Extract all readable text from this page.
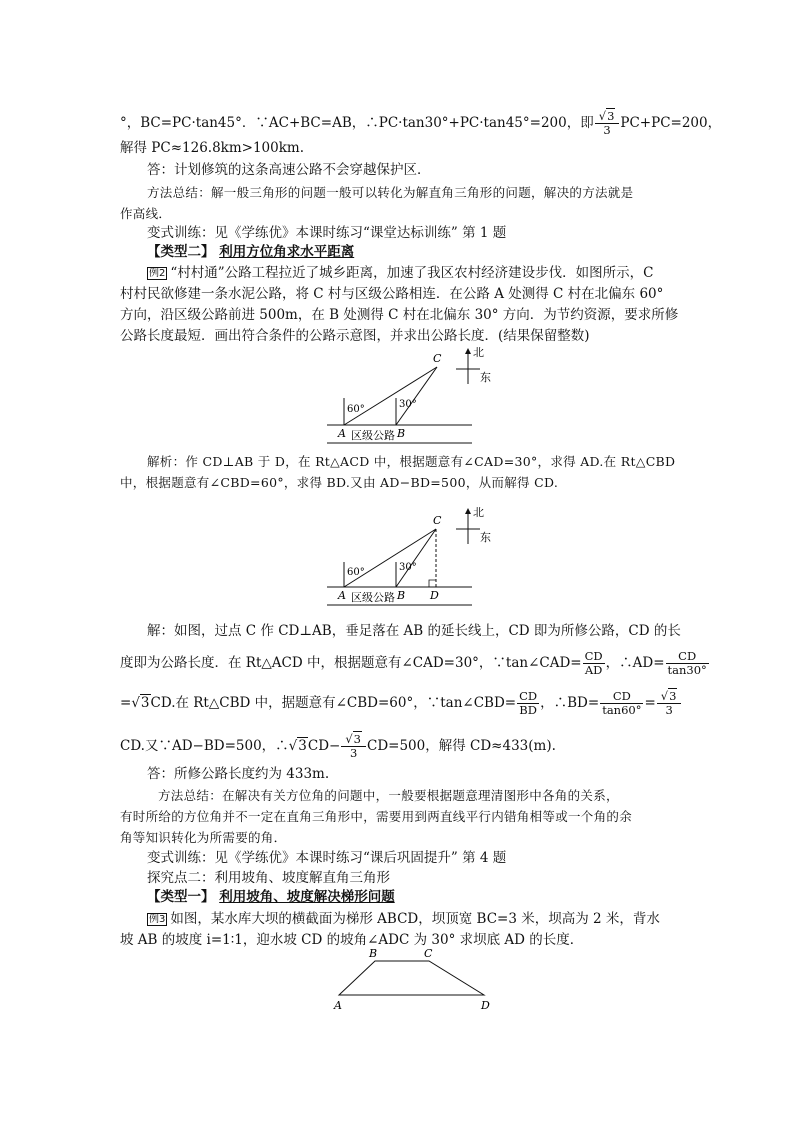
°，BC=PC·tan45°．∵AC+BC=AB，∴PC·tan30°+PC·tan45°=200，即 $\frac{√3}{3} PC+PC=200$，
解得 PC≈126.8km>100km.
答：计划修筑的这条高速公路不会穿越保护区．
方法总结：解一般三角形的问题一般可以转化为解直角三角形的问题，解决的方法就是
作高线．
变式训练：见《学练优》本课时练习“课堂达标训练” 第 1 题
【类型二】 利用方位角求水平距离
例2 “村村通”公路工程拉近了城乡距离，加速了我区农村经济建设步伐．如图所示，C
村村民欲修建一条水泥公路，将 C 村与区级公路相连．在公路 A 处测得 C 村在北偏东 60°
方向，沿区级公路前进 500m，在 B 处测得 C 村在北偏东 30° 方向．为节约资源，要求所修
公路长度最短．画出符合条件的公路示意图，并求出公路长度．(结果保留整数)
北
东
C
60°	30°
A	B
区级公路
解析：作 CD⊥AB 于 D，在 Rt△ACD 中，根据题意有∠CAD=30°，求得 AD.在 Rt△CBD
中，根据题意有∠CBD=60°，求得 BD.又由 AD−BD=500，从而解得 CD.
北
东
C
60°	30°
A	B D
区级公路
解：如图，过点 C 作 CD⊥AB，垂足落在 AB 的延长线上，CD 即为所修公路，CD 的长
度即为公路长度．在 Rt△ACD 中，根据题意有∠CAD=30°，∵tan∠CAD= $\frac{CD}{AD}$ ，∴AD= $\frac{CD}{\tan 30^\circ}$
=√3CD.在 Rt△CBD 中，据题意有∠CBD=60°，∵tan∠CBD= $\frac{CD}{BD}$ ，∴BD= $\frac{CD}{\tan 60^\circ} = \frac{√3}{3}$
CD.又∵AD−BD=500，∴√3CD− $\frac{√3}{3} CD=500$，解得 CD≈433(m).
答：所修公路长度约为 433m.
方法总结：在解决有关方位角的问题中，一般要根据题意理清图形中各角的关系，
有时所给的方位角并不一定在直角三角形中，需要用到两直线平行内错角相等或一个角的余
角等知识转化为所需要的角．
变式训练：见《学练优》本课时练习“课后巩固提升” 第 4 题
探究点二：利用坡角、坡度解直角三角形
【类型一】 利用坡角、坡度解决梯形问题
例3 如图，某水库大坝的横截面为梯形 ABCD，坝顶宽 BC=3 米，坝高为 2 米，背水
坡 AB 的坡度 i=1∶1，迎水坡 CD 的坡角∠ADC 为 30° 求坝底 AD 的长度．
A
B	C
D
